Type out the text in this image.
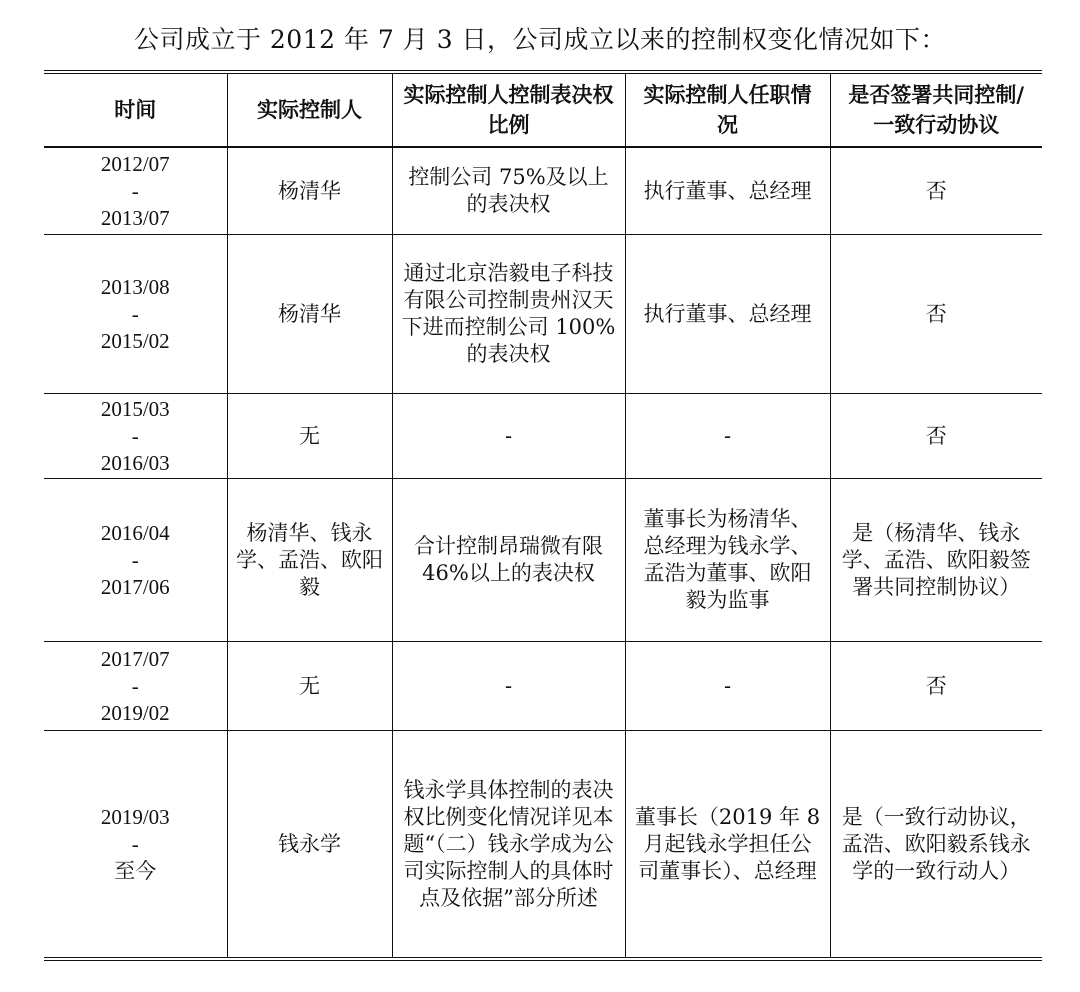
公司成立于 2012 年 7 月 3 日，公司成立以来的控制权变化情况如下：
时间	实际控制人	实际控制人控制表决权比例	实际控制人任职情况	是否签署共同控制/一致行动协议

2012/07
-
2013/07	杨清华	控制公司 75%及以上的表决权	执行董事、总经理	否

2013/08
-
2015/02	杨清华	通过北京浩毅电子科技有限公司控制贵州汉天下进而控制公司 100%的表决权	执行董事、总经理	否

2015/03
-
2016/03	无	-	-	否

2016/04
-
2017/06	杨清华、钱永学、孟浩、欧阳毅	合计控制昂瑞微有限 46%以上的表决权	董事长为杨清华、总经理为钱永学、孟浩为董事、欧阳毅为监事	是（杨清华、钱永学、孟浩、欧阳毅签署共同控制协议）

2017/07
-
2019/02	无	-	-	否

2019/03
-
至今	钱永学	钱永学具体控制的表决权比例变化情况详见本题“（二）钱永学成为公司实际控制人的具体时点及依据”部分所述	董事长（2019 年 8 月起钱永学担任公司董事长）、总经理	是（一致行动协议，孟浩、欧阳毅系钱永学的一致行动人）
